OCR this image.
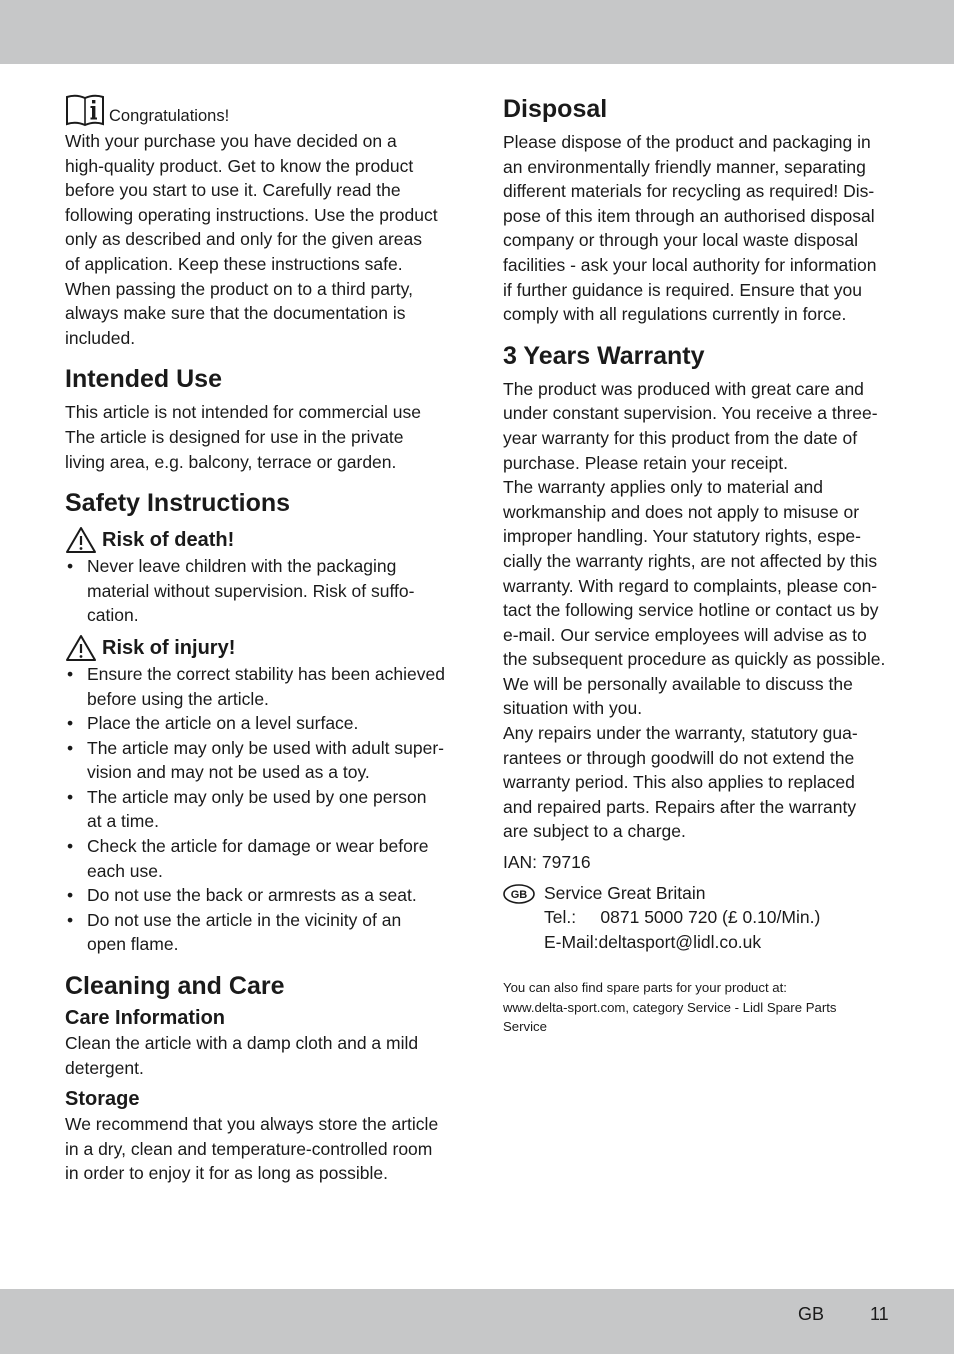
Congratulations!
With your purchase you have decided on a
high-quality product. Get to know the product
before you start to use it. Carefully read the
following operating instructions. Use the product
only as described and only for the given areas
of application. Keep these instructions safe.
When passing the product on to a third party,
always make sure that the documentation is
included.
Intended Use
This article is not intended for commercial use
The article is designed for use in the private
living area, e.g. balcony, terrace or garden.
Safety Instructions
Risk of death!
• Never leave children with the packaging
material without supervision. Risk of suffo-
cation.
Risk of injury!
• Ensure the correct stability has been achieved
before using the article.
• Place the article on a level surface.
• The article may only be used with adult super-
vision and may not be used as a toy.
• The article may only be used by one person
at a time.
• Check the article for damage or wear before
each use.
• Do not use the back or armrests as a seat.
• Do not use the article in the vicinity of an
open flame.
Cleaning and Care
Care Information
Clean the article with a damp cloth and a mild
detergent.
Storage
We recommend that you always store the article
in a dry, clean and temperature-controlled room
in order to enjoy it for as long as possible.
Disposal
Please dispose of the product and packaging in
an environmentally friendly manner, separating
different materials for recycling as required! Dis-
pose of this item through an authorised disposal
company or through your local waste disposal
facilities - ask your local authority for information
if further guidance is required. Ensure that you
comply with all regulations currently in force.
3 Years Warranty
The product was produced with great care and
under constant supervision. You receive a three-
year warranty for this product from the date of
purchase. Please retain your receipt.
The warranty applies only to material and
workmanship and does not apply to misuse or
improper handling. Your statutory rights, espe-
cially the warranty rights, are not affected by this
warranty. With regard to complaints, please con-
tact the following service hotline or contact us by
e-mail. Our service employees will advise as to
the subsequent procedure as quickly as possible.
We will be personally available to discuss the
situation with you.
Any repairs under the warranty, statutory gua-
rantees or through goodwill do not extend the
warranty period. This also applies to replaced
and repaired parts. Repairs after the warranty
are subject to a charge.

IAN: 79716

GB Service Great Britain
Tel.:     0871 5000 720 (£ 0.10/Min.)
E-Mail:deltasport@lidl.co.uk
You can also find spare parts for your product at:
www.delta-sport.com, category Service - Lidl Spare Parts
Service
GB	11
